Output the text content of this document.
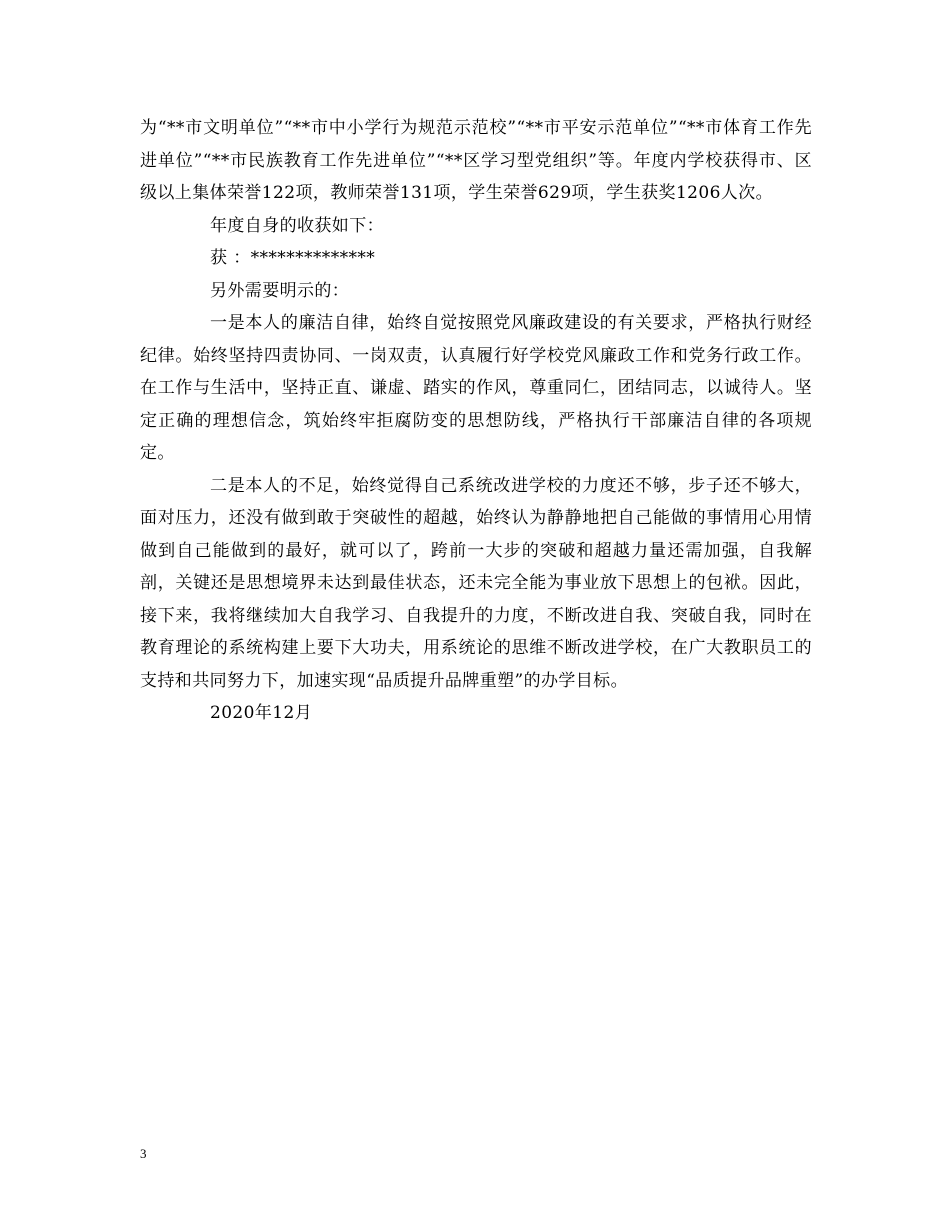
为“**市文明单位”“**市中小学行为规范示范校”“**市平安示范单位”“**市体育工作先进单位”“**市民族教育工作先进单位”“**区学习型党组织”等。年度内学校获得市、区级以上集体荣誉122项，教师荣誉131项，学生荣誉629项，学生获奖1206人次。

年度自身的收获如下：

获 ：**************

另外需要明示的：

一是本人的廉洁自律，始终自觉按照党风廉政建设的有关要求，严格执行财经纪律。始终坚持四责协同、一岗双责，认真履行好学校党风廉政工作和党务行政工作。在工作与生活中，坚持正直、谦虚、踏实的作风，尊重同仁，团结同志，以诚待人。坚定正确的理想信念，筑始终牢拒腐防变的思想防线，严格执行干部廉洁自律的各项规定。

二是本人的不足，始终觉得自己系统改进学校的力度还不够，步子还不够大，面对压力，还没有做到敢于突破性的超越，始终认为静静地把自己能做的事情用心用情做到自己能做到的最好，就可以了，跨前一大步的突破和超越力量还需加强，自我解剖，关键还是思想境界未达到最佳状态，还未完全能为事业放下思想上的包袱。因此，接下来，我将继续加大自我学习、自我提升的力度，不断改进自我、突破自我，同时在教育理论的系统构建上要下大功夫，用系统论的思维不断改进学校，在广大教职员工的支持和共同努力下，加速实现“品质提升品牌重塑”的办学目标。

2020年12月

3
